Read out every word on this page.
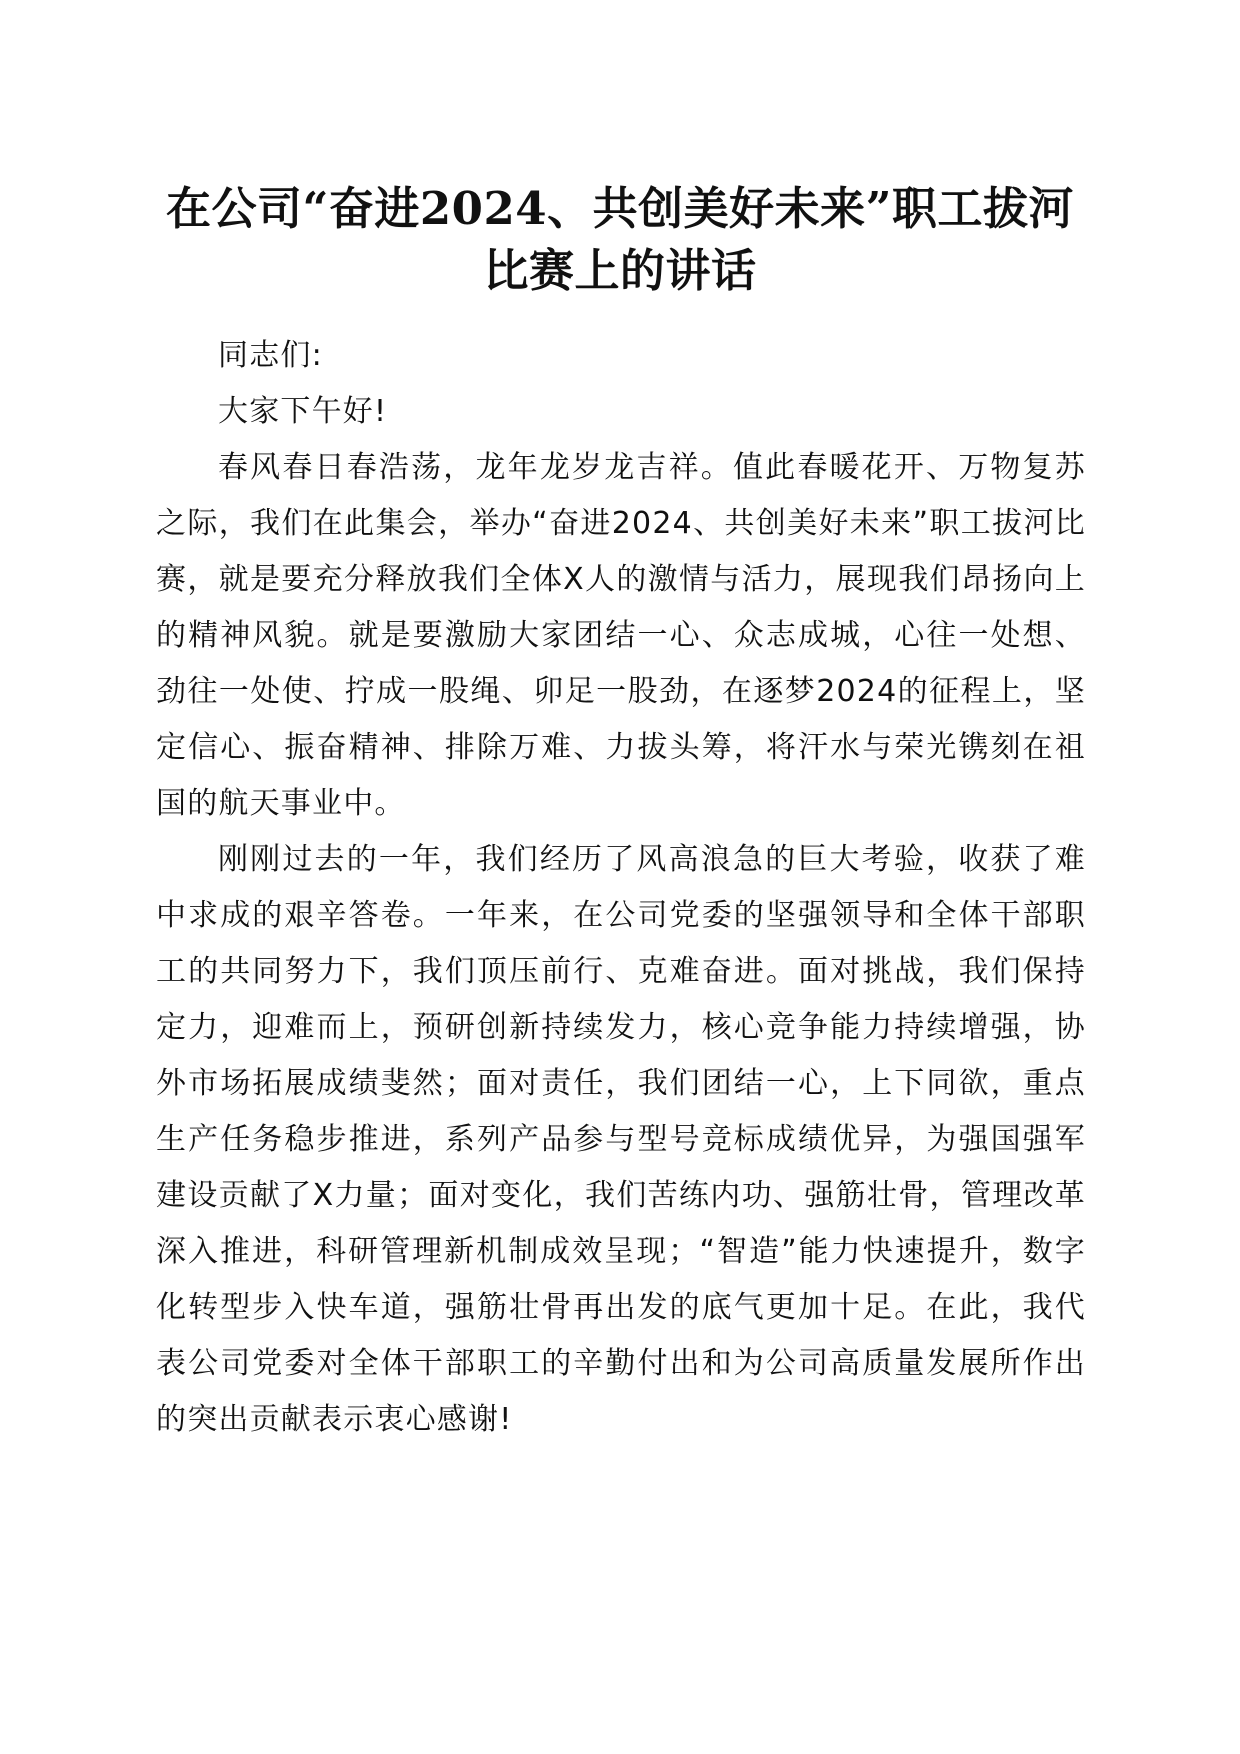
在公司“奋进2024、共创美好未来”职工拔河比赛上的讲话

同志们:

大家下午好!

春风春日春浩荡，龙年龙岁龙吉祥。值此春暖花开、万物复苏之际，我们在此集会，举办“奋进2024、共创美好未来”职工拔河比赛，就是要充分释放我们全体X人的激情与活力，展现我们昂扬向上的精神风貌。就是要激励大家团结一心、众志成城，心往一处想、劲往一处使、拧成一股绳、卯足一股劲，在逐梦2024的征程上，坚定信心、振奋精神、排除万难、力拔头筹，将汗水与荣光镌刻在祖国的航天事业中。

刚刚过去的一年，我们经历了风高浪急的巨大考验，收获了难中求成的艰辛答卷。一年来，在公司党委的坚强领导和全体干部职工的共同努力下，我们顶压前行、克难奋进。面对挑战，我们保持定力，迎难而上，预研创新持续发力，核心竞争能力持续增强，协外市场拓展成绩斐然；面对责任，我们团结一心，上下同欲，重点生产任务稳步推进，系列产品参与型号竞标成绩优异，为强国强军建设贡献了X力量；面对变化，我们苦练内功、强筋壮骨，管理改革深入推进，科研管理新机制成效呈现；“智造”能力快速提升，数字化转型步入快车道，强筋壮骨再出发的底气更加十足。在此，我代表公司党委对全体干部职工的辛勤付出和为公司高质量发展所作出的突出贡献表示衷心感谢!
